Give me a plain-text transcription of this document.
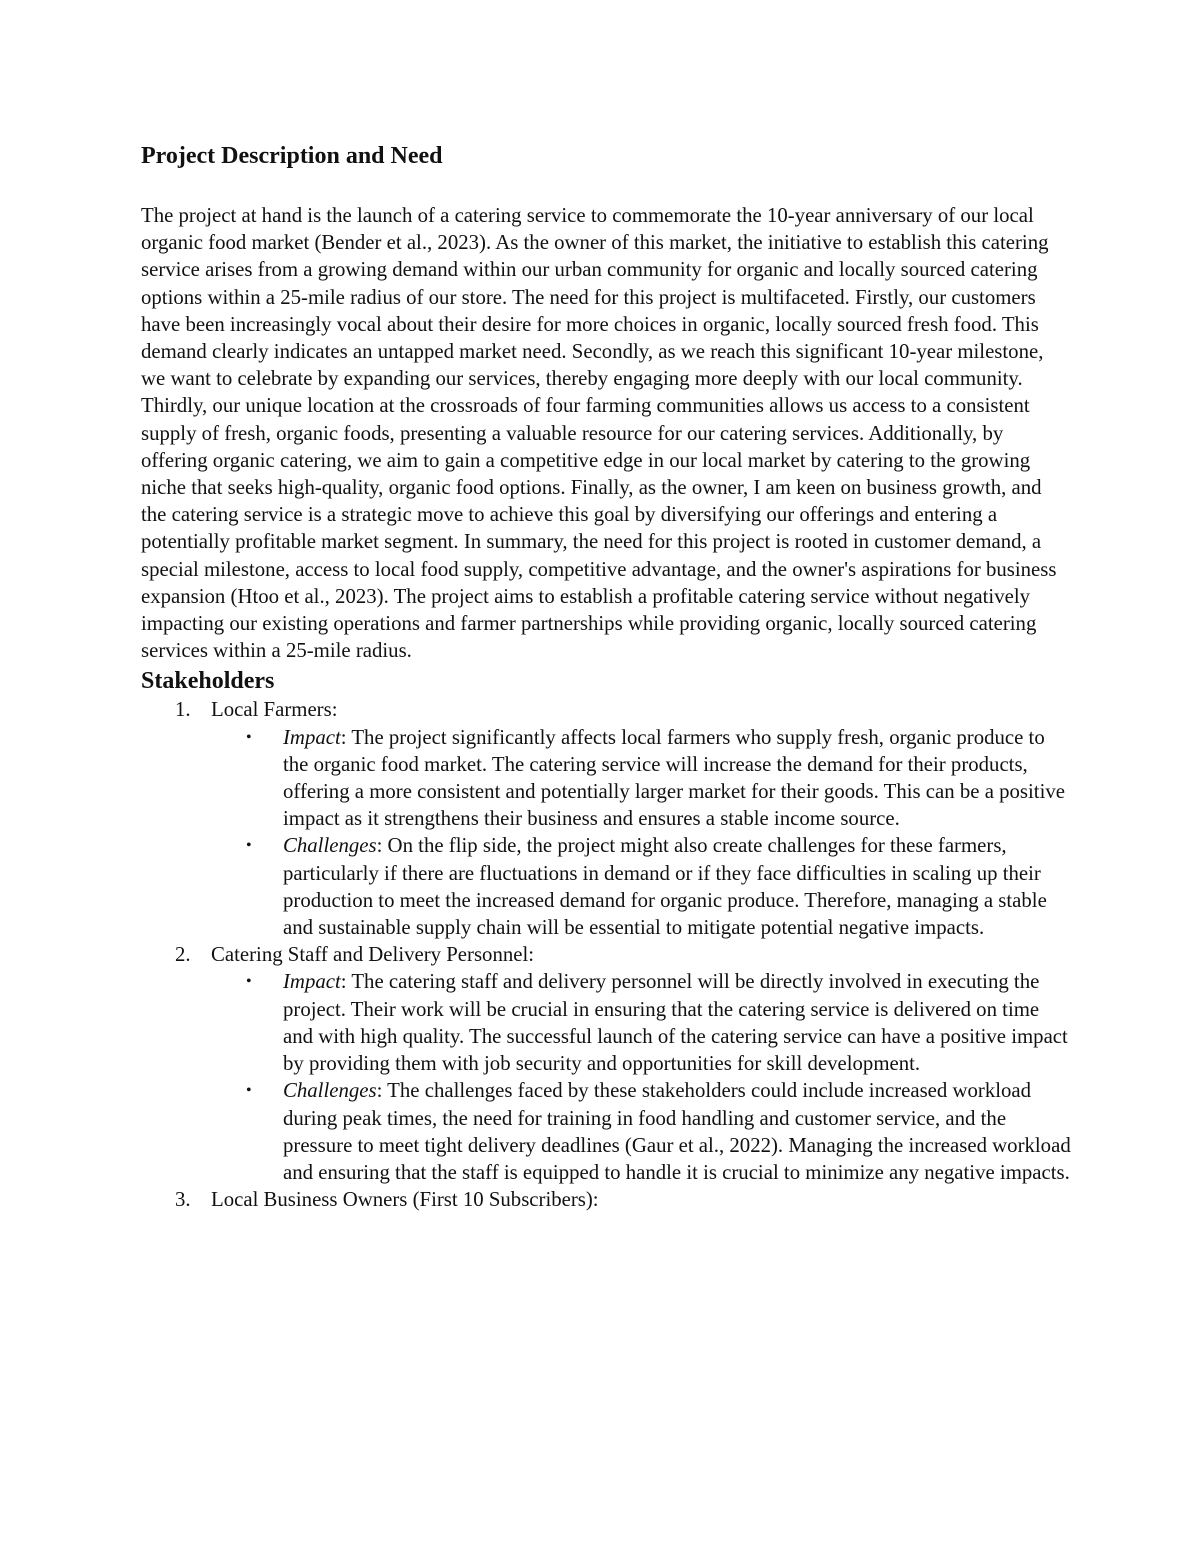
Project Description and Need

The project at hand is the launch of a catering service to commemorate the 10-year anniversary of our local organic food market (Bender et al., 2023). As the owner of this market, the initiative to establish this catering service arises from a growing demand within our urban community for organic and locally sourced catering options within a 25-mile radius of our store. The need for this project is multifaceted. Firstly, our customers have been increasingly vocal about their desire for more choices in organic, locally sourced fresh food. This demand clearly indicates an untapped market need. Secondly, as we reach this significant 10-year milestone, we want to celebrate by expanding our services, thereby engaging more deeply with our local community. Thirdly, our unique location at the crossroads of four farming communities allows us access to a consistent supply of fresh, organic foods, presenting a valuable resource for our catering services. Additionally, by offering organic catering, we aim to gain a competitive edge in our local market by catering to the growing niche that seeks high-quality, organic food options. Finally, as the owner, I am keen on business growth, and the catering service is a strategic move to achieve this goal by diversifying our offerings and entering a potentially profitable market segment. In summary, the need for this project is rooted in customer demand, a special milestone, access to local food supply, competitive advantage, and the owner's aspirations for business expansion (Htoo et al., 2023). The project aims to establish a profitable catering service without negatively impacting our existing operations and farmer partnerships while providing organic, locally sourced catering services within a 25-mile radius.

Stakeholders
1. Local Farmers:
• Impact: The project significantly affects local farmers who supply fresh, organic produce to the organic food market. The catering service will increase the demand for their products, offering a more consistent and potentially larger market for their goods. This can be a positive impact as it strengthens their business and ensures a stable income source.
• Challenges: On the flip side, the project might also create challenges for these farmers, particularly if there are fluctuations in demand or if they face difficulties in scaling up their production to meet the increased demand for organic produce. Therefore, managing a stable and sustainable supply chain will be essential to mitigate potential negative impacts.
2. Catering Staff and Delivery Personnel:
• Impact: The catering staff and delivery personnel will be directly involved in executing the project. Their work will be crucial in ensuring that the catering service is delivered on time and with high quality. The successful launch of the catering service can have a positive impact by providing them with job security and opportunities for skill development.
• Challenges: The challenges faced by these stakeholders could include increased workload during peak times, the need for training in food handling and customer service, and the pressure to meet tight delivery deadlines (Gaur et al., 2022). Managing the increased workload and ensuring that the staff is equipped to handle it is crucial to minimize any negative impacts.
3. Local Business Owners (First 10 Subscribers):
